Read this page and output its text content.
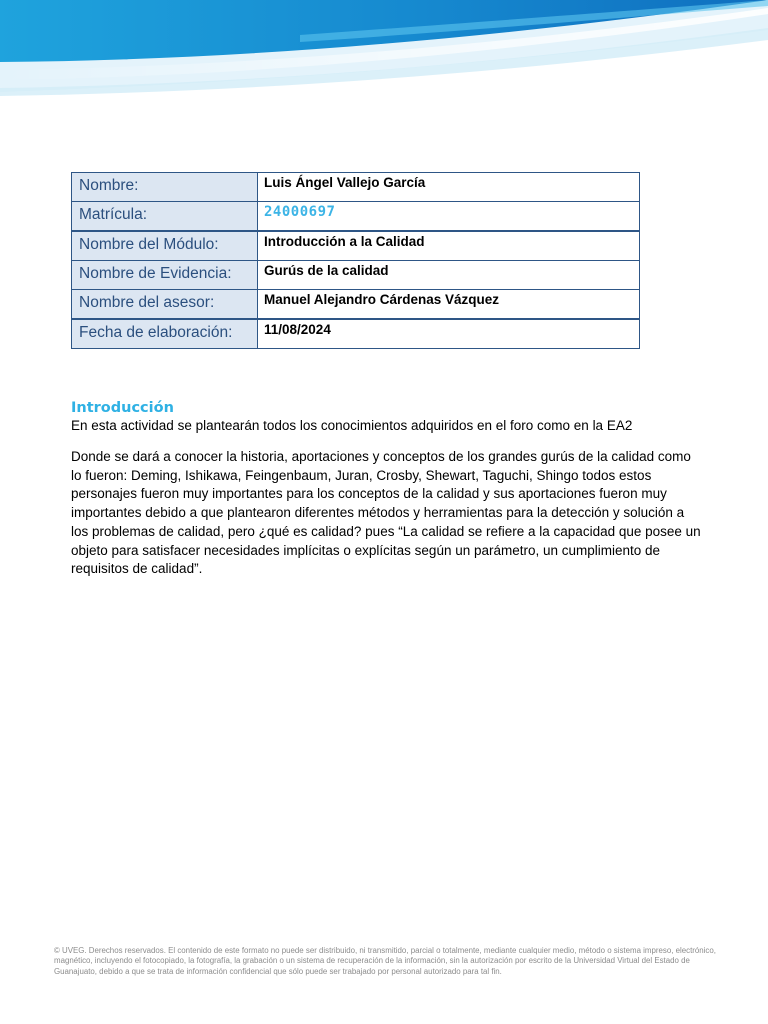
Nombre:	Luis Ángel Vallejo García
Matrícula:	24000697
Nombre del Módulo:	Introducción a la Calidad
Nombre de Evidencia:	Gurús de la calidad
Nombre del asesor:	Manuel Alejandro Cárdenas Vázquez
Fecha de elaboración:	11/08/2024
Introducción

En esta actividad se plantearán todos los conocimientos adquiridos en el foro como en la EA2

Donde se dará a conocer la historia, aportaciones y conceptos de los grandes gurús de la calidad como lo fueron: Deming, Ishikawa, Feingenbaum, Juran, Crosby, Shewart, Taguchi, Shingo todos estos personajes fueron muy importantes para los conceptos de la calidad y sus aportaciones fueron muy importantes debido a que plantearon diferentes métodos y herramientas para la detección y solución a los problemas de calidad, pero ¿qué es calidad? pues “La calidad se refiere a la capacidad que posee un objeto para satisfacer necesidades implícitas o explícitas según un parámetro, un cumplimiento de requisitos de calidad”.

© UVEG. Derechos reservados. El contenido de este formato no puede ser distribuido, ni transmitido, parcial o totalmente, mediante cualquier medio, método o sistema impreso, electrónico, magnético, incluyendo el fotocopiado, la fotografía, la grabación o un sistema de recuperación de la información, sin la autorización por escrito de la Universidad Virtual del Estado de Guanajuato, debido a que se trata de información confidencial que sólo puede ser trabajado por personal autorizado para tal fin.
